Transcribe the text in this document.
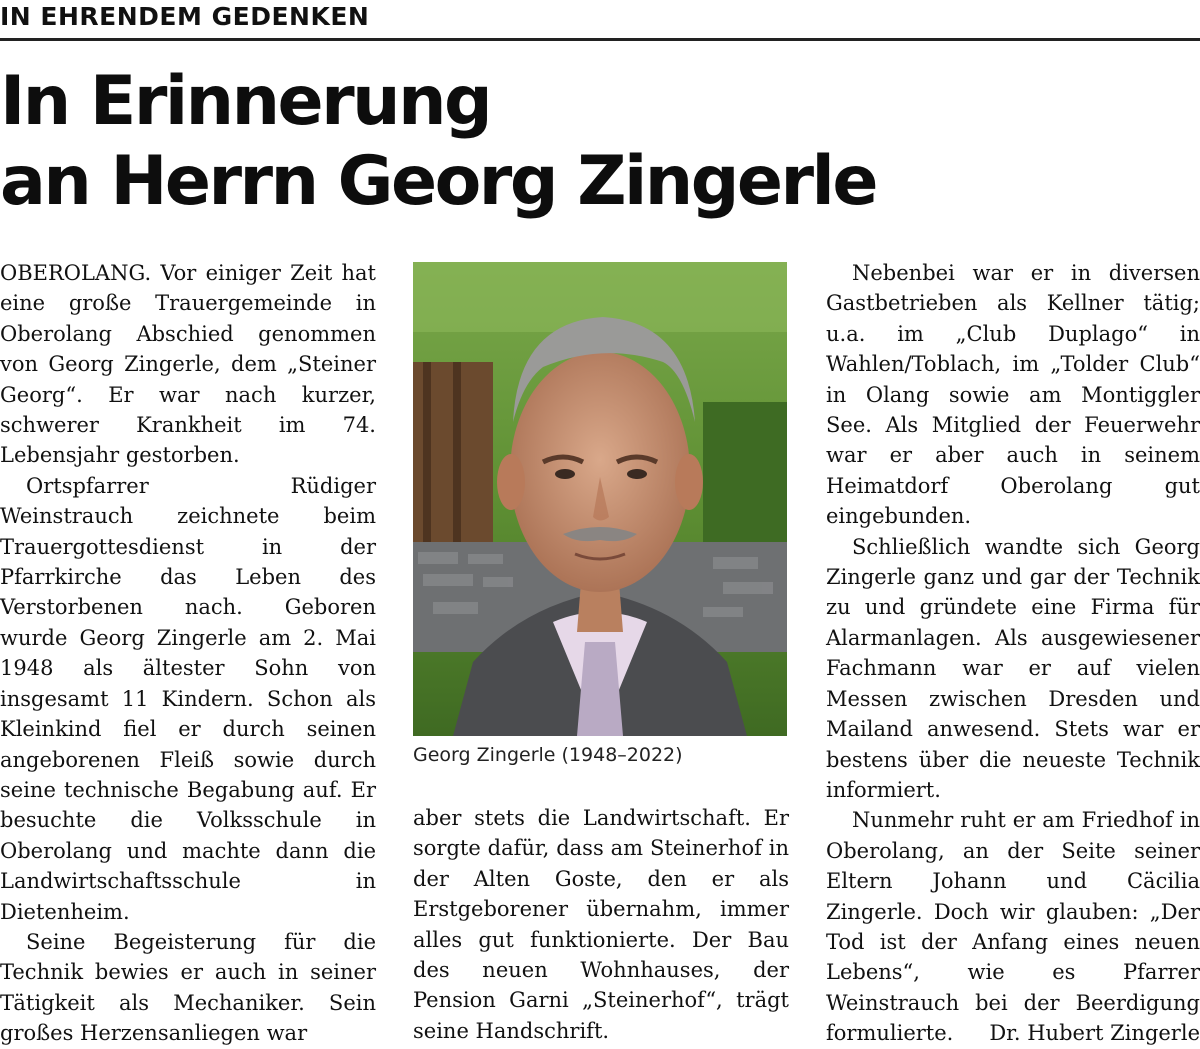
IN EHRENDEM GEDENKEN
In Erinnerung
an Herrn Georg Zingerle

OBEROLANG. Vor einiger Zeit hat eine große Trauergemeinde in Oberolang Abschied genommen von Georg Zingerle, dem „Steiner Georg“. Er war nach kurzer, schwerer Krankheit im 74. Lebensjahr gestorben.

Ortspfarrer Rüdiger Weinstrauch zeichnete beim Trauergottesdienst in der Pfarrkirche das Leben des Verstorbenen nach. Geboren wurde Georg Zingerle am 2. Mai 1948 als ältester Sohn von insgesamt 11 Kindern. Schon als Kleinkind fiel er durch seinen angeborenen Fleiß sowie durch seine technische Begabung auf. Er besuchte die Volksschule in Oberolang und machte dann die Landwirtschaftsschule in Dietenheim.

Seine Begeisterung für die Technik bewies er auch in seiner Tätigkeit als Mechaniker. Sein großes Herzensanliegen war

Georg Zingerle (1948–2022)

aber stets die Landwirtschaft. Er sorgte dafür, dass am Steinerhof in der Alten Goste, den er als Erstgeborener übernahm, immer alles gut funktionierte. Der Bau des neuen Wohnhauses, der Pension Garni „Steinerhof“, trägt seine Handschrift.

Nebenbei war er in diversen Gastbetrieben als Kellner tätig; u.a. im „Club Duplago“ in Wahlen/Toblach, im „Tolder Club“ in Olang sowie am Montiggler See. Als Mitglied der Feuerwehr war er aber auch in seinem Heimatdorf Oberolang gut eingebunden.

Schließlich wandte sich Georg Zingerle ganz und gar der Technik zu und gründete eine Firma für Alarmanlagen. Als ausgewiesener Fachmann war er auf vielen Messen zwischen Dresden und Mailand anwesend. Stets war er bestens über die neueste Technik informiert.

Nunmehr ruht er am Friedhof in Oberolang, an der Seite seiner Eltern Johann und Cäcilia Zingerle. Doch wir glauben: „Der Tod ist der Anfang eines neuen Lebens“, wie es Pfarrer Weinstrauch bei der Beerdigung formulierte. Dr. Hubert Zingerle
